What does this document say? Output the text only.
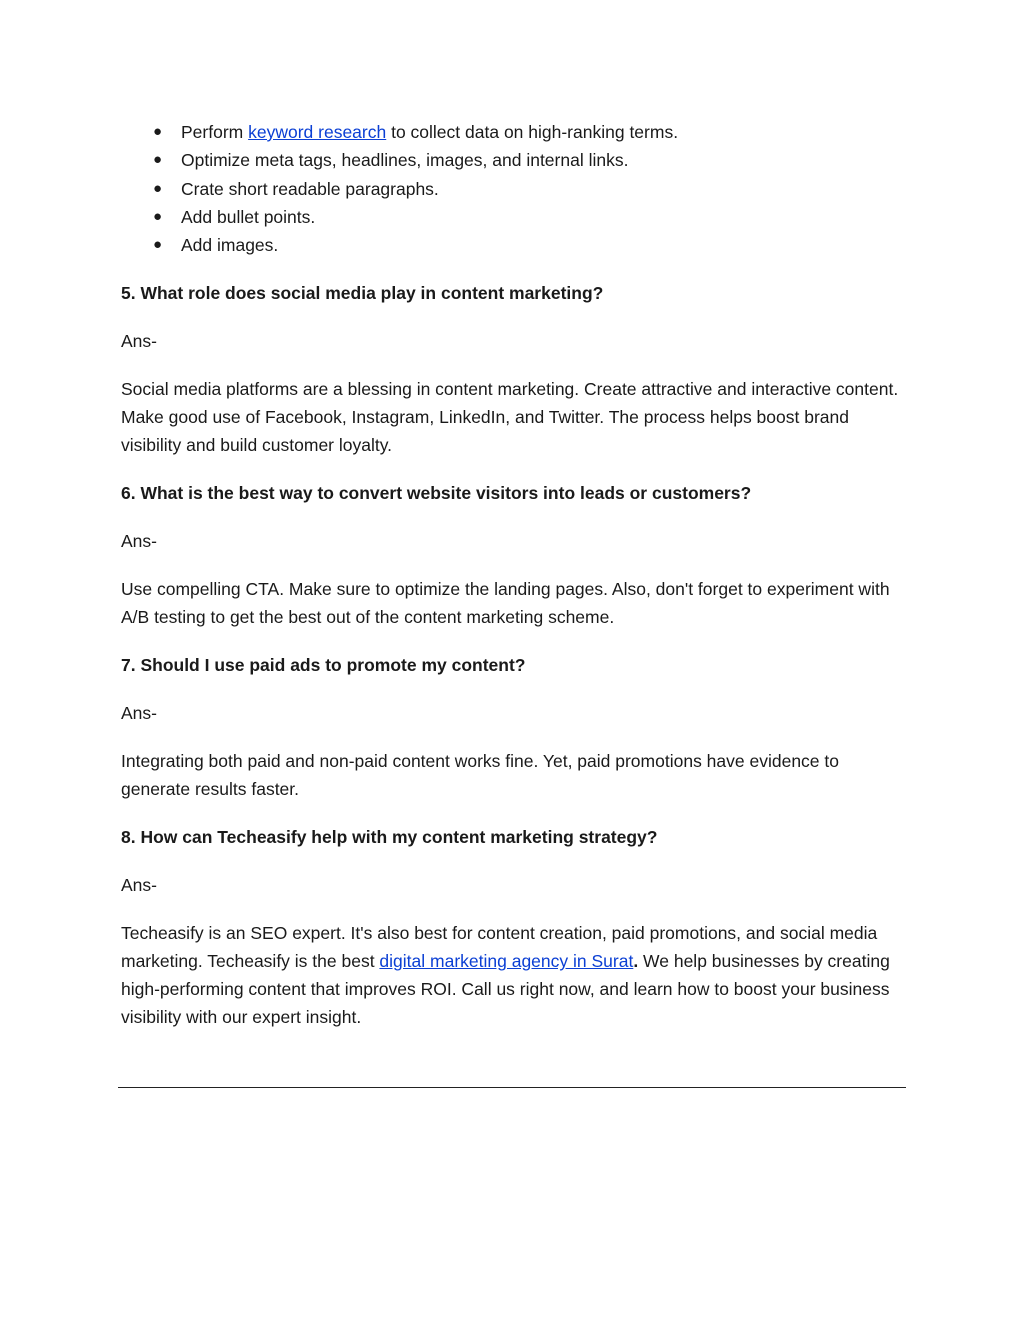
● Perform keyword research to collect data on high-ranking terms.
● Optimize meta tags, headlines, images, and internal links.
● Crate short readable paragraphs.
● Add bullet points.
● Add images.

5. What role does social media play in content marketing?

Ans-

Social media platforms are a blessing in content marketing. Create attractive and interactive content. Make good use of Facebook, Instagram, LinkedIn, and Twitter. The process helps boost brand visibility and build customer loyalty.

6. What is the best way to convert website visitors into leads or customers?

Ans-

Use compelling CTA. Make sure to optimize the landing pages. Also, don't forget to experiment with A/B testing to get the best out of the content marketing scheme.

7. Should I use paid ads to promote my content?

Ans-

Integrating both paid and non-paid content works fine. Yet, paid promotions have evidence to generate results faster.

8. How can Techeasify help with my content marketing strategy?

Ans-

Techeasify is an SEO expert. It's also best for content creation, paid promotions, and social media marketing. Techeasify is the best digital marketing agency in Surat. We help businesses by creating high-performing content that improves ROI. Call us right now, and learn how to boost your business visibility with our expert insight.
